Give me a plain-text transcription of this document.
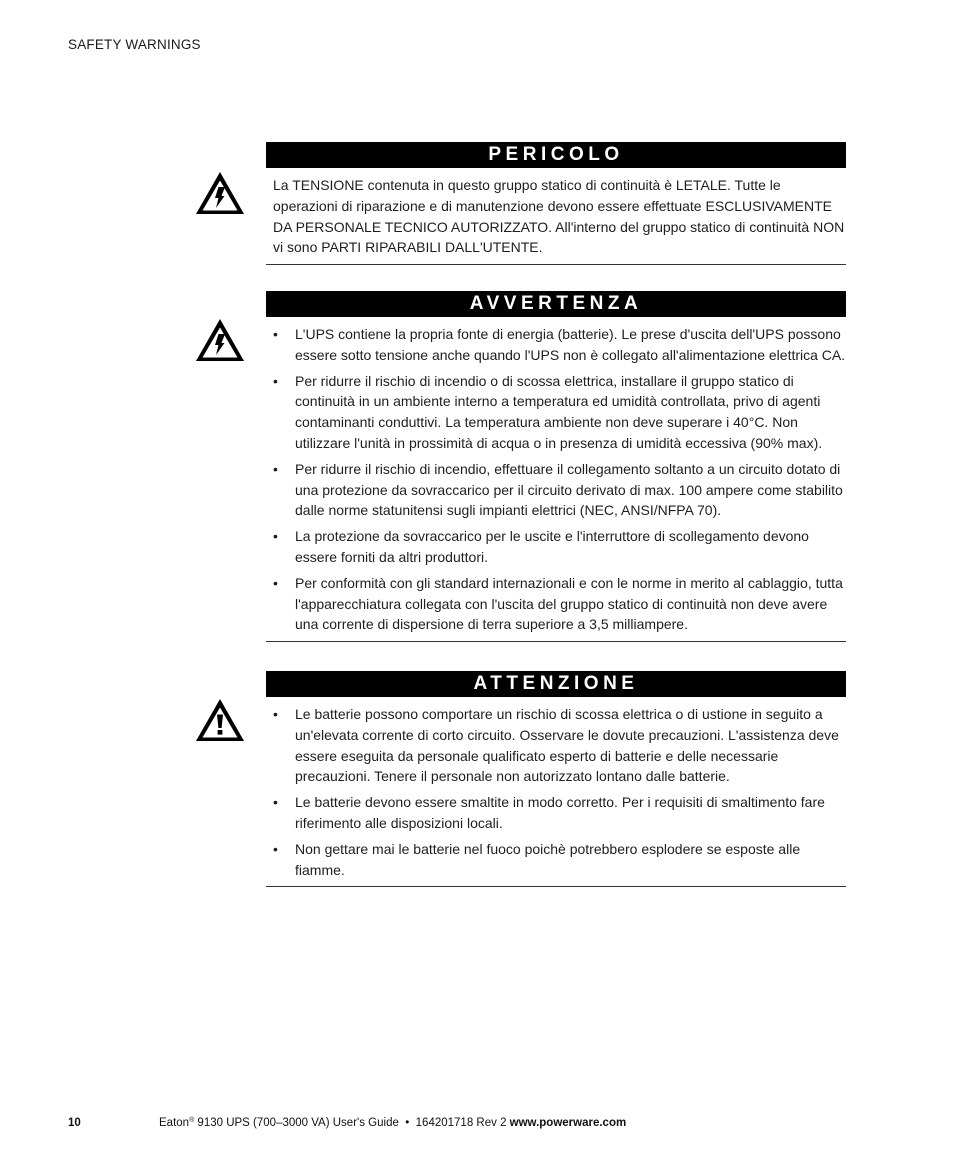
SAFETY WARNINGS
PERICOLO
La TENSIONE contenuta in questo gruppo statico di continuità è LETALE. Tutte le operazioni di riparazione e di manutenzione devono essere effettuate ESCLUSIVAMENTE DA PERSONALE TECNICO AUTORIZZATO. All'interno del gruppo statico di continuità NON vi sono PARTI RIPARABILI DALL'UTENTE.
AVVERTENZA
• L'UPS contiene la propria fonte di energia (batterie). Le prese d'uscita dell'UPS possono essere sotto tensione anche quando l'UPS non è collegato all'alimentazione elettrica CA.
• Per ridurre il rischio di incendio o di scossa elettrica, installare il gruppo statico di continuità in un ambiente interno a temperatura ed umidità controllata, privo di agenti contaminanti conduttivi. La temperatura ambiente non deve superare i 40°C. Non utilizzare l'unità in prossimità di acqua o in presenza di umidità eccessiva (90% max).
• Per ridurre il rischio di incendio, effettuare il collegamento soltanto a un circuito dotato di una protezione da sovraccarico per il circuito derivato di max. 100 ampere come stabilito dalle norme statunitensi sugli impianti elettrici (NEC, ANSI/NFPA 70).
• La protezione da sovraccarico per le uscite e l'interruttore di scollegamento devono essere forniti da altri produttori.
• Per conformità con gli standard internazionali e con le norme in merito al cablaggio, tutta l'apparecchiatura collegata con l'uscita del gruppo statico di continuità non deve avere una corrente di dispersione di terra superiore a 3,5 milliampere.
ATTENZIONE
• Le batterie possono comportare un rischio di scossa elettrica o di ustione in seguito a un'elevata corrente di corto circuito. Osservare le dovute precauzioni. L'assistenza deve essere eseguita da personale qualificato esperto di batterie e delle necessarie precauzioni. Tenere il personale non autorizzato lontano dalle batterie.
• Le batterie devono essere smaltite in modo corretto. Per i requisiti di smaltimento fare riferimento alle disposizioni locali.
• Non gettare mai le batterie nel fuoco poichè potrebbero esplodere se esposte alle fiamme.
10	Eaton® 9130 UPS (700–3000 VA) User's Guide  •  164201718 Rev 2 www.powerware.com
